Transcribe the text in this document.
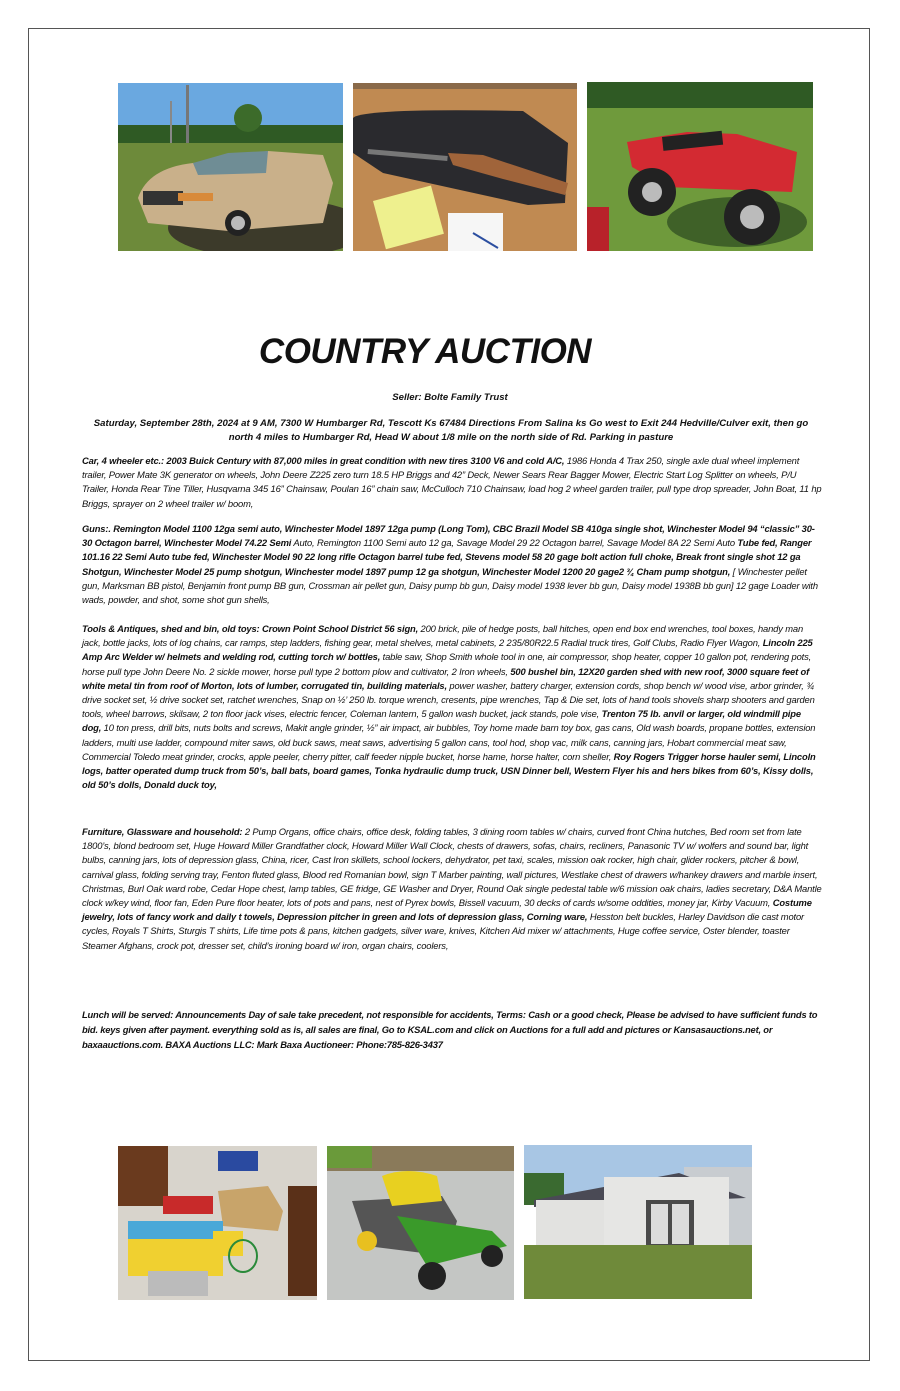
COUNTRY AUCTION
Seller: Bolte Family Trust
Saturday, September 28th, 2024 at 9 AM, 7300 W Humbarger Rd, Tescott Ks 67484 Directions From Salina ks Go west to Exit 244 Hedville/Culver exit, then go north 4 miles to Humbarger Rd, Head W about 1/8 mile on the north side of Rd. Parking in pasture
Car, 4 wheeler etc.: 2003 Buick Century with 87,000 miles in great condition with new tires 3100 V6 and cold A/C, 1986 Honda 4 Trax 250, single axle dual wheel implement trailer, Power Mate 3K generator on wheels, John Deere Z225 zero turn 18.5 HP Briggs and 42” Deck, Newer Sears Rear Bagger Mower, Electric Start Log Splitter on wheels, P/U Trailer, Honda Rear Tine Tiller, Husqvarna 345 16” Chainsaw, Poulan 16” chain saw, McCulloch 710 Chainsaw, load hog 2 wheel garden trailer, pull type drop spreader, John Boat, 11 hp Briggs, sprayer on 2 wheel trailer w/ boom,
Guns:. Remington Model 1100 12ga semi auto, Winchester Model 1897 12ga pump (Long Tom), CBC Brazil Model SB 410ga single shot, Winchester Model 94 “classic” 30-30 Octagon barrel, Winchester Model 74.22 Semi Auto, Remington 1100 Semi auto 12 ga, Savage Model 29 22 Octagon barrel, Savage Model 8A 22 Semi Auto Tube fed, Ranger 101.16 22 Semi Auto tube fed, Winchester Model 90 22 long rifle Octagon barrel tube fed, Stevens model 58 20 gage bolt action full choke, Break front single shot 12 ga Shotgun, Winchester Model 25 pump shotgun, Winchester model 1897 pump 12 ga shotgun, Winchester Model 1200 20 gage2 ¾ Cham pump shotgun, [ Winchester pellet gun, Marksman BB pistol, Benjamin front pump BB gun, Crossman air pellet gun, Daisy pump bb gun, Daisy model 1938 lever bb gun, Daisy model 1938B bb gun] 12 gage Loader with wads, powder, and shot, some shot gun shells,
Tools & Antiques, shed and bin, old toys: Crown Point School District 56 sign, 200 brick, pile of hedge posts, ball hitches, open end box end wrenches, tool boxes, handy man jack, bottle jacks, lots of log chains, car ramps, step ladders, fishing gear, metal shelves, metal cabinets, 2 235/80R22.5 Radial truck tires, Golf Clubs, Radio Flyer Wagon, Lincoln 225 Amp Arc Welder w/ helmets and welding rod, cutting torch w/ bottles, table saw, Shop Smith whole tool in one, air compressor, shop heater, copper 10 gallon pot, rendering pots, horse pull type John Deere No. 2 sickle mower, horse pull type 2 bottom plow and cultivator, 2 Iron wheels, 500 bushel bin, 12X20 garden shed with new roof, 3000 square feet of white metal tin from roof of Morton, lots of lumber, corrugated tin, building materials, power washer, battery charger, extension cords, shop bench w/ wood vise, arbor grinder, ¾ drive socket set, ½ drive socket set, ratchet wrenches, Snap on ½’ 250 lb. torque wrench, cresents, pipe wrenches, Tap & Die set, lots of hand tools shovels sharp shooters and garden tools, wheel barrows, skilsaw, 2 ton floor jack vises, electric fencer, Coleman lantern, 5 gallon wash bucket, jack stands, pole vise, Trenton 75 lb. anvil or larger, old windmill pipe dog, 10 ton press, drill bits, nuts bolts and screws, Makit angle grinder, ½” air impact, air bubbles, Toy home made barn toy box, gas cans, Old wash boards, propane bottles, extension ladders, multi use ladder, compound miter saws, old buck saws, meat saws, advertising 5 gallon cans, tool hod, shop vac, milk cans, canning jars, Hobart commercial meat saw, Commercial Toledo meat grinder, crocks, apple peeler, cherry pitter, calf feeder nipple bucket, horse hame, horse halter, corn sheller, Roy Rogers Trigger horse hauler semi, Lincoln logs, batter operated dump truck from 50’s, ball bats, board games, Tonka hydraulic dump truck, USN Dinner bell, Western Flyer his and hers bikes from 60’s, Kissy dolls, old 50’s dolls, Donald duck toy,
Furniture, Glassware and household: 2 Pump Organs, office chairs, office desk, folding tables, 3 dining room tables w/ chairs, curved front China hutches, Bed room set from late 1800’s, blond bedroom set, Huge Howard Miller Grandfather clock, Howard Miller Wall Clock, chests of drawers, sofas, chairs, recliners, Panasonic TV w/ wolfers and sound bar, light bulbs, canning jars, lots of depression glass, China, ricer, Cast Iron skillets, school lockers, dehydrator, pet taxi, scales, mission oak rocker, high chair, glider rockers, pitcher & bowl, carnival glass, folding serving tray, Fenton fluted glass, Blood red Romanian bowl, sign T Marber painting, wall pictures, Westlake chest of drawers w/hankey drawers and marble insert, Christmas, Burl Oak ward robe, Cedar Hope chest, lamp tables, GE fridge, GE Washer and Dryer, Round Oak single pedestal table w/6 mission oak chairs, ladies secretary, D&A Mantle clock w/key wind, floor fan, Eden Pure floor heater, lots of pots and pans, nest of Pyrex bowls, Bissell vacuum, 30 decks of cards w/some oddities, money jar, Kirby Vacuum, Costume jewelry, lots of fancy work and daily t towels, Depression pitcher in green and lots of depression glass, Corning ware, Hesston belt buckles, Harley Davidson die cast motor cycles, Royals T Shirts, Sturgis T shirts, Life time pots & pans, kitchen gadgets, silver ware, knives, Kitchen Aid mixer w/ attachments, Huge coffee service, Oster blender, toaster Steamer Afghans, crock pot, dresser set, child’s ironing board w/ iron, organ chairs, coolers,
Lunch will be served: Announcements Day of sale take precedent, not responsible for accidents, Terms: Cash or a good check, Please be advised to have sufficient funds to bid. keys given after payment. everything sold as is, all sales are final, Go to KSAL.com and click on Auctions for a full add and pictures or Kansasauctions.net, or baxaauctions.com. BAXA Auctions LLC: Mark Baxa Auctioneer: Phone:785-826-3437
